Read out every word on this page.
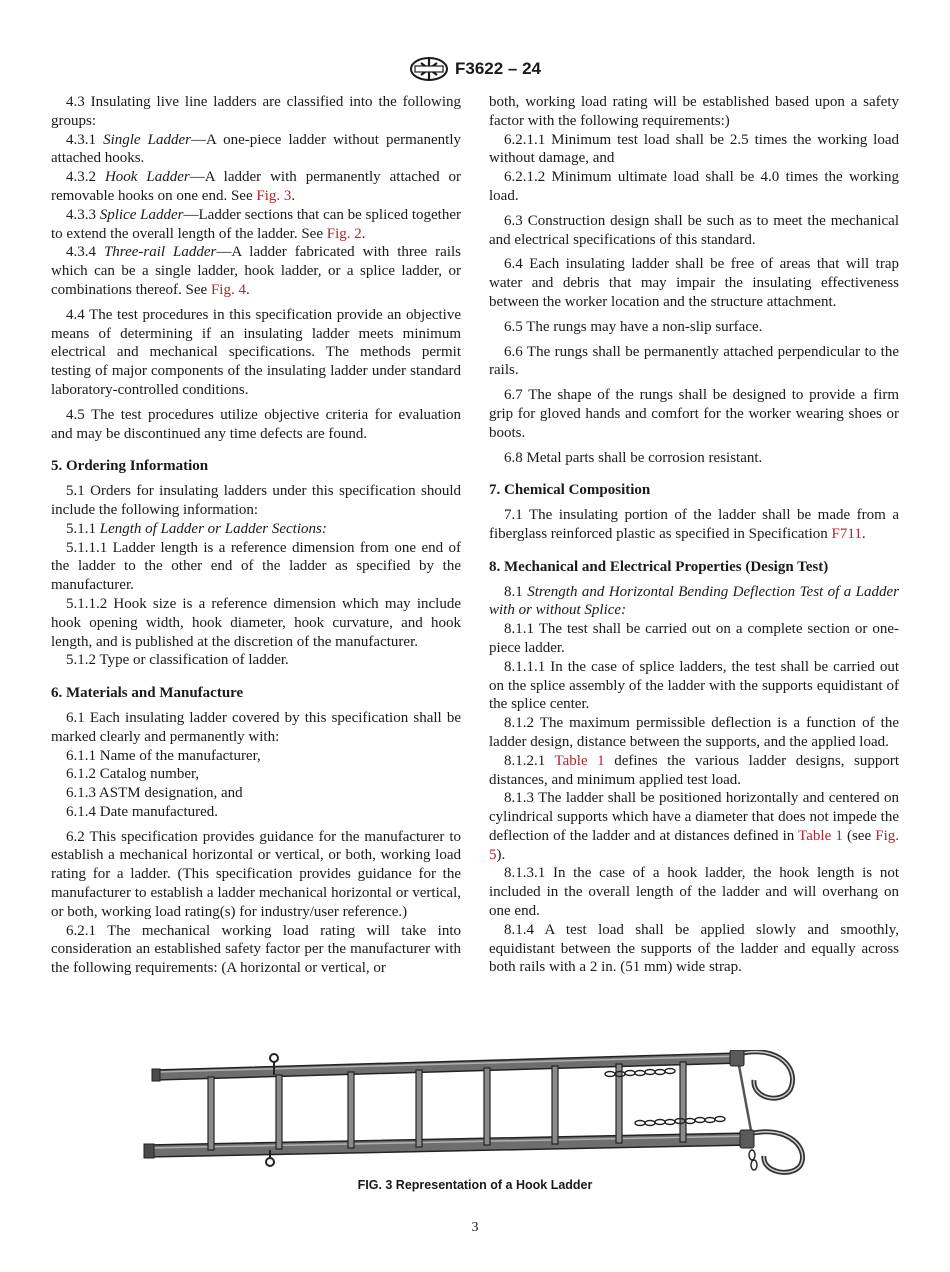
F3622 – 24

4.3 Insulating live line ladders are classified into the following groups:

4.3.1 Single Ladder—A one-piece ladder without permanently attached hooks.

4.3.2 Hook Ladder—A ladder with permanently attached or removable hooks on one end. See Fig. 3.

4.3.3 Splice Ladder—Ladder sections that can be spliced together to extend the overall length of the ladder. See Fig. 2.

4.3.4 Three-rail Ladder—A ladder fabricated with three rails which can be a single ladder, hook ladder, or a splice ladder, or combinations thereof. See Fig. 4.

4.4 The test procedures in this specification provide an objective means of determining if an insulating ladder meets minimum electrical and mechanical specifications. The methods permit testing of major components of the insulating ladder under standard laboratory-controlled conditions.

4.5 The test procedures utilize objective criteria for evaluation and may be discontinued any time defects are found.

5. Ordering Information

5.1 Orders for insulating ladders under this specification should include the following information:

5.1.1 Length of Ladder or Ladder Sections:

5.1.1.1 Ladder length is a reference dimension from one end of the ladder to the other end of the ladder as specified by the manufacturer.

5.1.1.2 Hook size is a reference dimension which may include hook opening width, hook diameter, hook curvature, and hook length, and is published at the discretion of the manufacturer.

5.1.2 Type or classification of ladder.

6. Materials and Manufacture

6.1 Each insulating ladder covered by this specification shall be marked clearly and permanently with:

6.1.1 Name of the manufacturer,

6.1.2 Catalog number,

6.1.3 ASTM designation, and

6.1.4 Date manufactured.

6.2 This specification provides guidance for the manufacturer to establish a mechanical horizontal or vertical, or both, working load rating for a ladder. (This specification provides guidance for the manufacturer to establish a ladder mechanical horizontal or vertical, or both, working load rating(s) for industry/user reference.)

6.2.1 The mechanical working load rating will take into consideration an established safety factor per the manufacturer with the following requirements: (A horizontal or vertical, or

both, working load rating will be established based upon a safety factor with the following requirements:)

6.2.1.1 Minimum test load shall be 2.5 times the working load without damage, and

6.2.1.2 Minimum ultimate load shall be 4.0 times the working load.

6.3 Construction design shall be such as to meet the mechanical and electrical specifications of this standard.

6.4 Each insulating ladder shall be free of areas that will trap water and debris that may impair the insulating effectiveness between the worker location and the structure attachment.

6.5 The rungs may have a non-slip surface.

6.6 The rungs shall be permanently attached perpendicular to the rails.

6.7 The shape of the rungs shall be designed to provide a firm grip for gloved hands and comfort for the worker wearing shoes or boots.

6.8 Metal parts shall be corrosion resistant.

7. Chemical Composition

7.1 The insulating portion of the ladder shall be made from a fiberglass reinforced plastic as specified in Specification F711.

8. Mechanical and Electrical Properties (Design Test)

8.1 Strength and Horizontal Bending Deflection Test of a Ladder with or without Splice:

8.1.1 The test shall be carried out on a complete section or one-piece ladder.

8.1.1.1 In the case of splice ladders, the test shall be carried out on the splice assembly of the ladder with the supports equidistant of the splice center.

8.1.2 The maximum permissible deflection is a function of the ladder design, distance between the supports, and the applied load.

8.1.2.1 Table 1 defines the various ladder designs, support distances, and minimum applied test load.

8.1.3 The ladder shall be positioned horizontally and centered on cylindrical supports which have a diameter that does not impede the deflection of the ladder and at distances defined in Table 1 (see Fig. 5).

8.1.3.1 In the case of a hook ladder, the hook length is not included in the overall length of the ladder and will overhang on one end.

8.1.4 A test load shall be applied slowly and smoothly, equidistant between the supports of the ladder and equally across both rails with a 2 in. (51 mm) wide strap.

FIG. 3 Representation of a Hook Ladder
3
